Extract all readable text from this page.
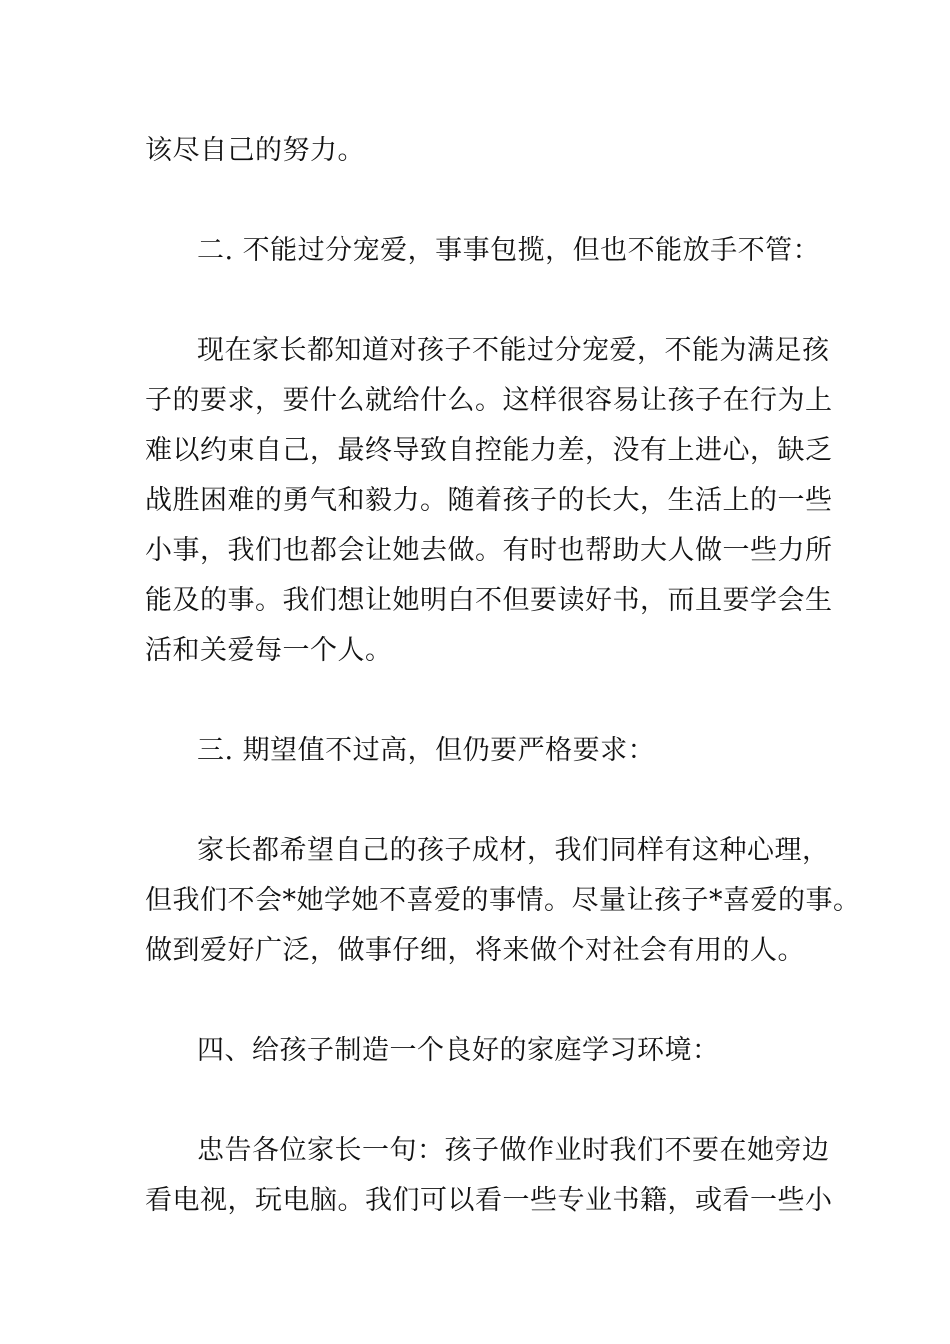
该尽自己的努力。
二. 不能过分宠爱，事事包揽，但也不能放手不管：
现在家长都知道对孩子不能过分宠爱，不能为满足孩
子的要求，要什么就给什么。这样很容易让孩子在行为上
难以约束自己，最终导致自控能力差，没有上进心，缺乏
战胜困难的勇气和毅力。随着孩子的长大，生活上的一些
小事，我们也都会让她去做。有时也帮助大人做一些力所
能及的事。我们想让她明白不但要读好书，而且要学会生
活和关爱每一个人。
三. 期望值不过高，但仍要严格要求：
家长都希望自己的孩子成材，我们同样有这种心理，
但我们不会*她学她不喜爱的事情。尽量让孩子*喜爱的事。
做到爱好广泛，做事仔细，将来做个对社会有用的人。
四、给孩子制造一个良好的家庭学习环境：
忠告各位家长一句：孩子做作业时我们不要在她旁边
看电视，玩电脑。我们可以看一些专业书籍，或看一些小
